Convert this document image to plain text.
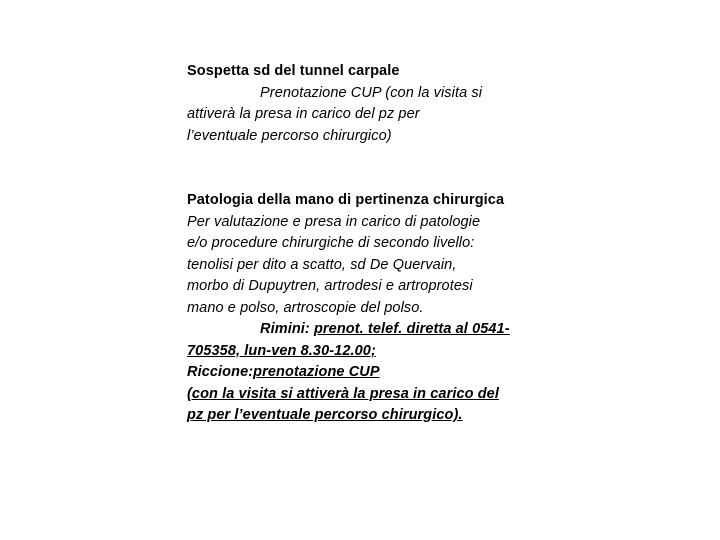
Sospetta sd del tunnel carpale
Prenotazione CUP (con la visita si
attiverà la presa in carico del pz per
l’eventuale percorso chirurgico)
Patologia della mano di pertinenza chirurgica
Per valutazione e presa in carico di patologie
e/o procedure chirurgiche di secondo livello:
tenolisi per dito a scatto, sd De Quervain,
morbo di Dupuytren, artrodesi e artroprotesi
mano e polso, artroscopie del polso.
Rimini: prenot. telef. diretta al 0541-
705358, lun-ven 8.30-12.00;
Riccione:prenotazione CUP
(con la visita si attiverà la presa in carico del
pz per l’eventuale percorso chirurgico).
